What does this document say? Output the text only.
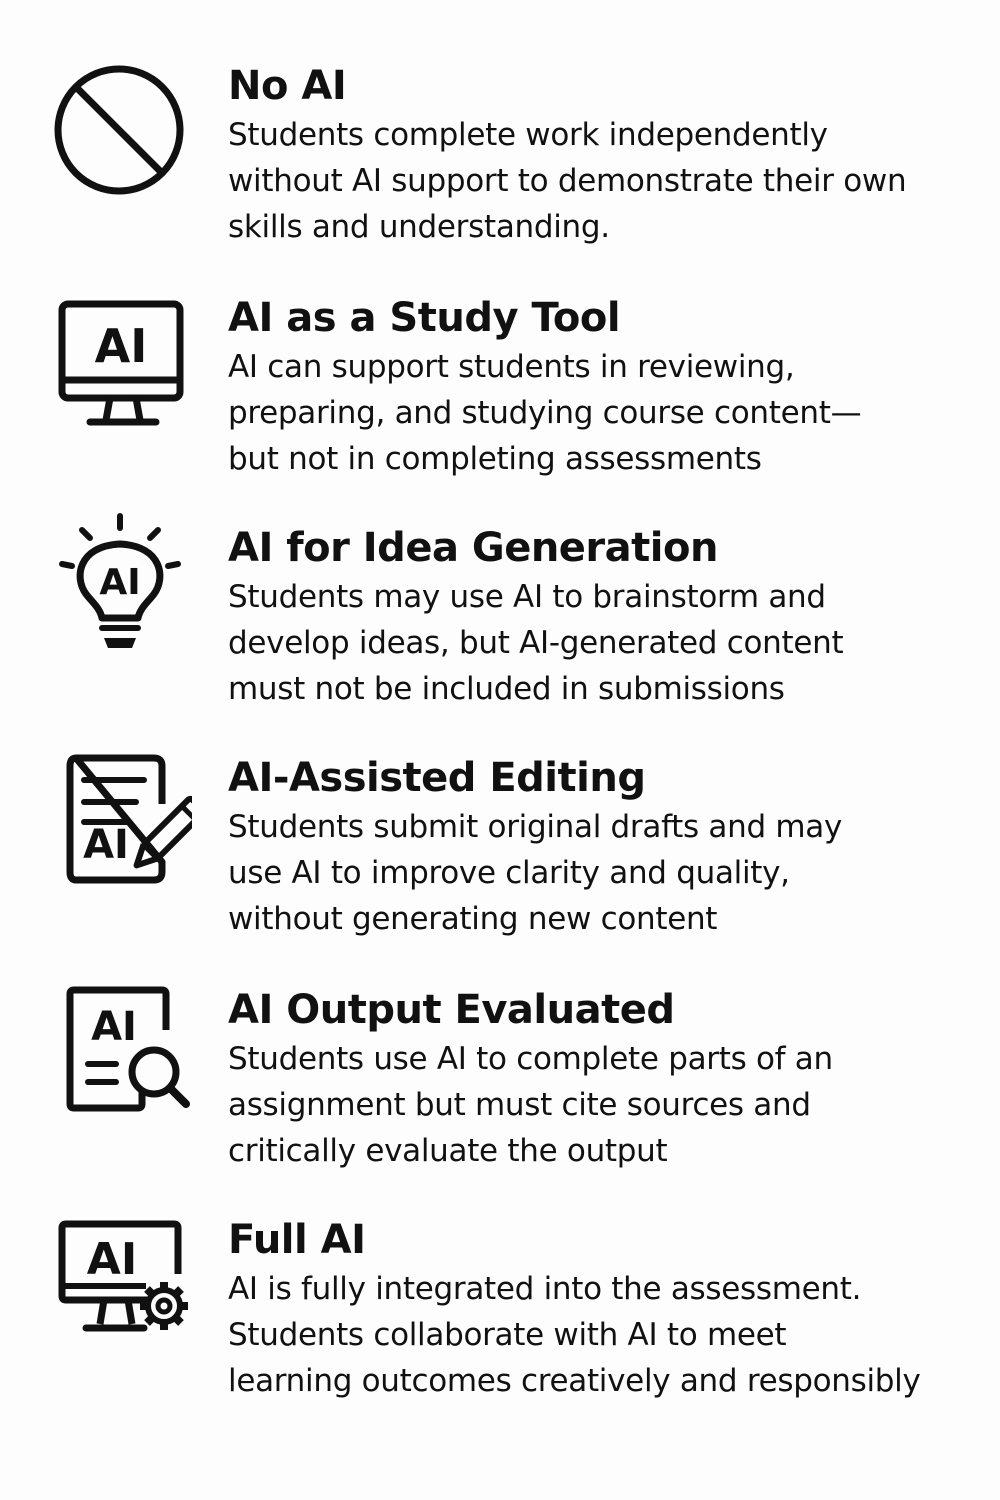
No AI
Students complete work independently
without AI support to demonstrate their own
skills and understanding.
AI
AI as a Study Tool
AI can support students in reviewing,
preparing, and studying course content—
but not in completing assessments
AI
AI for Idea Generation
Students may use AI to brainstorm and
develop ideas, but AI-generated content
must not be included in submissions
AI
AI-Assisted Editing
Students submit original drafts and may
use AI to improve clarity and quality,
without generating new content
AI AI Output Evaluated
Students use AI to complete parts of an
assignment but must cite sources and
critically evaluate the output
AI Full AI
AI is fully integrated into the assessment.
Students collaborate with AI to meet
learning outcomes creatively and responsibly
